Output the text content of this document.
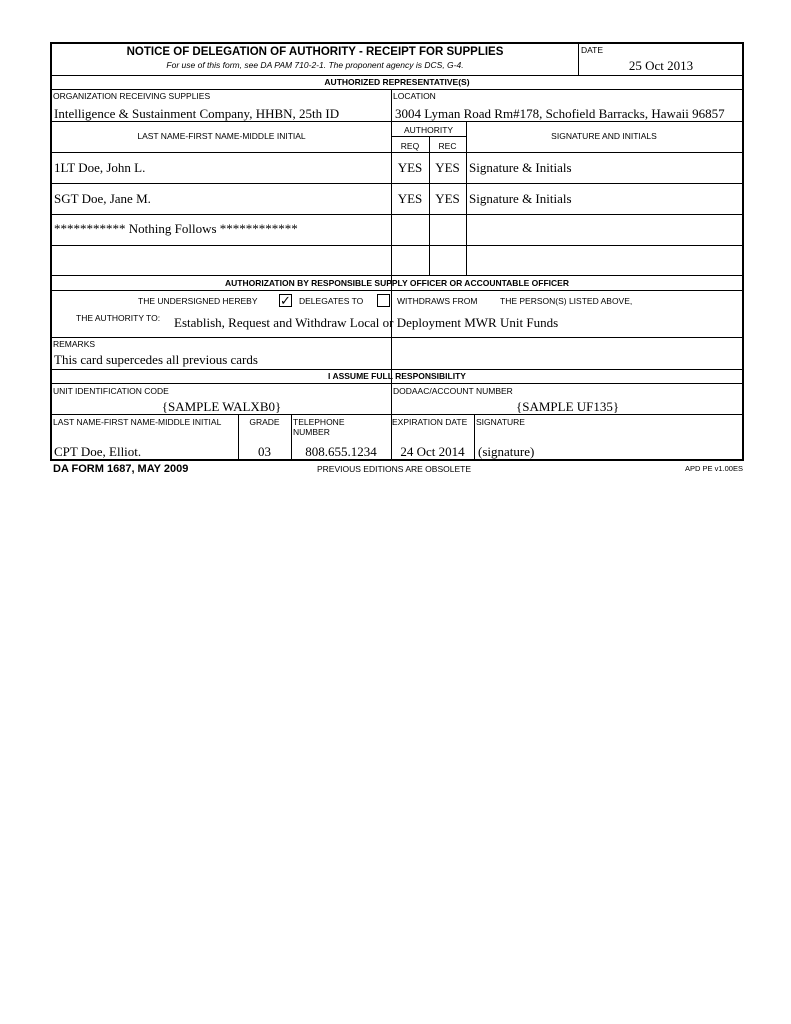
NOTICE OF DELEGATION OF AUTHORITY - RECEIPT FOR SUPPLIES
For use of this form, see DA PAM 710-2-1. The proponent agency is DCS, G-4.
DATE
25 Oct 2013
AUTHORIZED REPRESENTATIVE(S)
ORGANIZATION RECEIVING SUPPLIES
Intelligence & Sustainment Company, HHBN, 25th ID
LOCATION
3004 Lyman Road Rm#178, Schofield Barracks, Hawaii 96857
LAST NAME-FIRST NAME-MIDDLE INITIAL
AUTHORITY
REQ	REC
SIGNATURE AND INITIALS
1LT Doe, John L.	YES YES Signature & Initials
SGT Doe, Jane M.	YES YES Signature & Initials
*********** Nothing Follows ************
AUTHORIZATION BY RESPONSIBLE SUPPLY OFFICER OR ACCOUNTABLE OFFICER
THE UNDERSIGNED HEREBY ✓ DELEGATES TO	WITHDRAWS FROM	THE PERSON(S) LISTED ABOVE,
THE AUTHORITY TO: Establish, Request and Withdraw Local or Deployment MWR Unit Funds
REMARKS
This card supercedes all previous cards
I ASSUME FULL RESPONSIBILITY
UNIT IDENTIFICATION CODE
{SAMPLE WALXB0}
DODAAC/ACCOUNT NUMBER
{SAMPLE UF135}
LAST NAME-FIRST NAME-MIDDLE INITIAL	GRADE	TELEPHONE
NUMBER
EXPIRATION DATE SIGNATURE
CPT Doe, Elliot.	03	808.655.1234	24 Oct 2014	(signature)
DA FORM 1687, MAY 2009	PREVIOUS EDITIONS ARE OBSOLETE	APD PE v1.00ES
